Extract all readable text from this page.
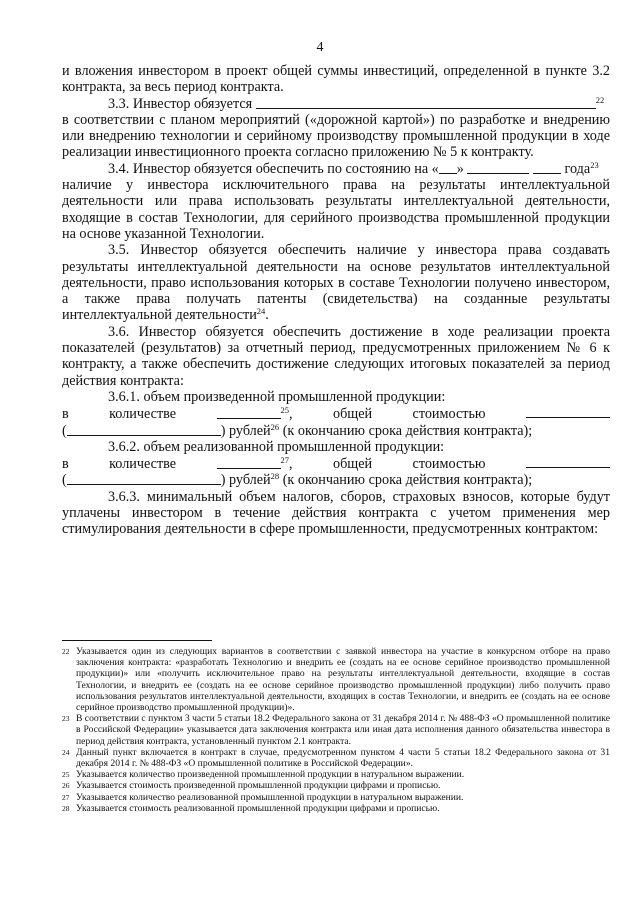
4

и вложения инвестором в проект общей суммы инвестиций, определенной в пункте 3.2 контракта, за весь период контракта.

3.3. Инвестор обязуется	$^{22}$

в соответствии с планом мероприятий («дорожной картой») по разработке и внедрению или внедрению технологии и серийному производству промышленной продукции в ходе реализации инвестиционного проекта согласно приложению № 5 к контракту.

3.4. Инвестор обязуется обеспечить по состоянию на « »	года$^{23}$

наличие у инвестора исключительного права на результаты интеллектуальной деятельности или права использовать результаты интеллектуальной деятельности, входящие в состав Технологии, для серийного производства промышленной продукции на основе указанной Технологии.

3.5. Инвестор обязуется обеспечить наличие у инвестора права создавать результаты интеллектуальной деятельности на основе результатов интеллектуальной деятельности, право использования которых в составе Технологии получено инвестором, а также права получать патенты (свидетельства) на созданные результаты интеллектуальной деятельности$^{24}$.

3.6. Инвестор обязуется обеспечить достижение в ходе реализации проекта показателей (результатов) за отчетный период, предусмотренных приложением № 6 к контракту, а также обеспечить достижение следующих итоговых показателей за период действия контракта:

3.6.1. объем произведенной промышленной продукции:

в	количестве	$^{25}$,	общей	стоимостью
(	) рублей$^{26}$ (к окончанию срока действия контракта);

3.6.2. объем реализованной промышленной продукции:

в	количестве	$^{27}$,	общей	стоимостью
(	) рублей$^{28}$ (к окончанию срока действия контракта);

3.6.3. минимальный объем налогов, сборов, страховых взносов, которые будут уплачены инвестором в течение действия контракта с учетом применения мер стимулирования деятельности в сфере промышленности, предусмотренных контрактом:

22 Указывается один из следующих вариантов в соответствии с заявкой инвестора на участие в конкурсном отборе на право заключения контракта: «разработать Технологию и внедрить ее (создать на ее основе серийное производство промышленной продукции)» или «получить исключительное право на результаты интеллектуальной деятельности, входящие в состав Технологии, и внедрить ее (создать на ее основе серийное производство промышленной продукции) либо получить право использования результатов интеллектуальной деятельности, входящих в состав Технологии, и внедрить ее (создать на ее основе серийное производство промышленной продукции)».
23 В соответствии с пунктом 3 части 5 статьи 18.2 Федерального закона от 31 декабря 2014 г. № 488-ФЗ «О промышленной политике в Российской Федерации» указывается дата заключения контракта или иная дата исполнения данного обязательства инвестора в период действия контракта, установленный пунктом 2.1 контракта.
24 Данный пункт включается в контракт в случае, предусмотренном пунктом 4 части 5 статьи 18.2 Федерального закона от 31 декабря 2014 г. № 488-ФЗ «О промышленной политике в Российской Федерации».
25 Указывается количество произведенной промышленной продукции в натуральном выражении.
26 Указывается стоимость произведенной промышленной продукции цифрами и прописью.
27 Указывается количество реализованной промышленной продукции в натуральном выражении.
28 Указывается стоимость реализованной промышленной продукции цифрами и прописью.
